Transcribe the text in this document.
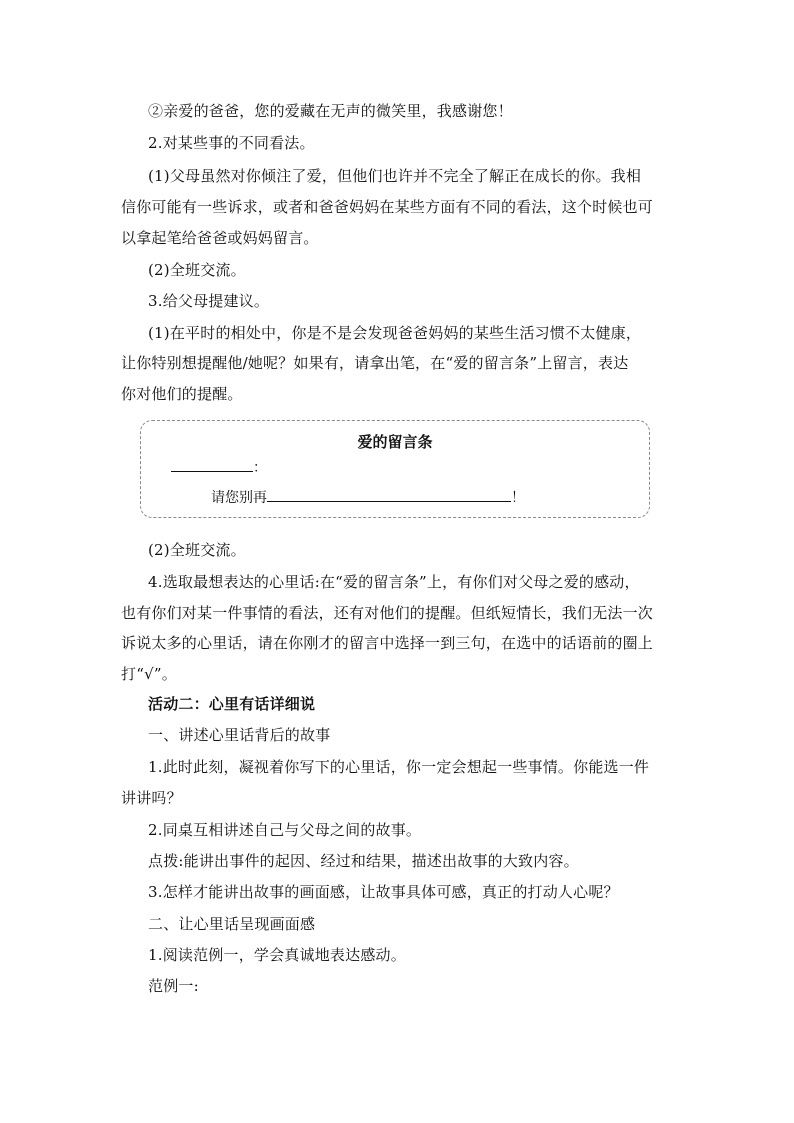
②亲爱的爸爸，您的爱藏在无声的微笑里，我感谢您！
2.对某些事的不同看法。
(1)父母虽然对你倾注了爱，但他们也许并不完全了解正在成长的你。我相
信你可能有一些诉求，或者和爸爸妈妈在某些方面有不同的看法，这个时候也可
以拿起笔给爸爸或妈妈留言。
(2)全班交流。
3.给父母提建议。
(1)在平时的相处中，你是不是会发现爸爸妈妈的某些生活习惯不太健康，
让你特别想提醒他/她呢？如果有，请拿出笔，在“爱的留言条”上留言，表达
你对他们的提醒。
爱的留言条
：
请您别再	！
(2)全班交流。
4.选取最想表达的心里话:在“爱的留言条”上，有你们对父母之爱的感动，
也有你们对某一件事情的看法，还有对他们的提醒。但纸短情长，我们无法一次
诉说太多的心里话，请在你刚才的留言中选择一到三句，在选中的话语前的圈上
打“√”。
活动二：心里有话详细说
一、讲述心里话背后的故事
1.此时此刻，凝视着你写下的心里话，你一定会想起一些事情。你能选一件
讲讲吗？
2.同桌互相讲述自己与父母之间的故事。
点拨:能讲出事件的起因、经过和结果，描述出故事的大致内容。
3.怎样才能讲出故事的画面感，让故事具体可感，真正的打动人心呢？
二、让心里话呈现画面感
1.阅读范例一，学会真诚地表达感动。
范例一:
